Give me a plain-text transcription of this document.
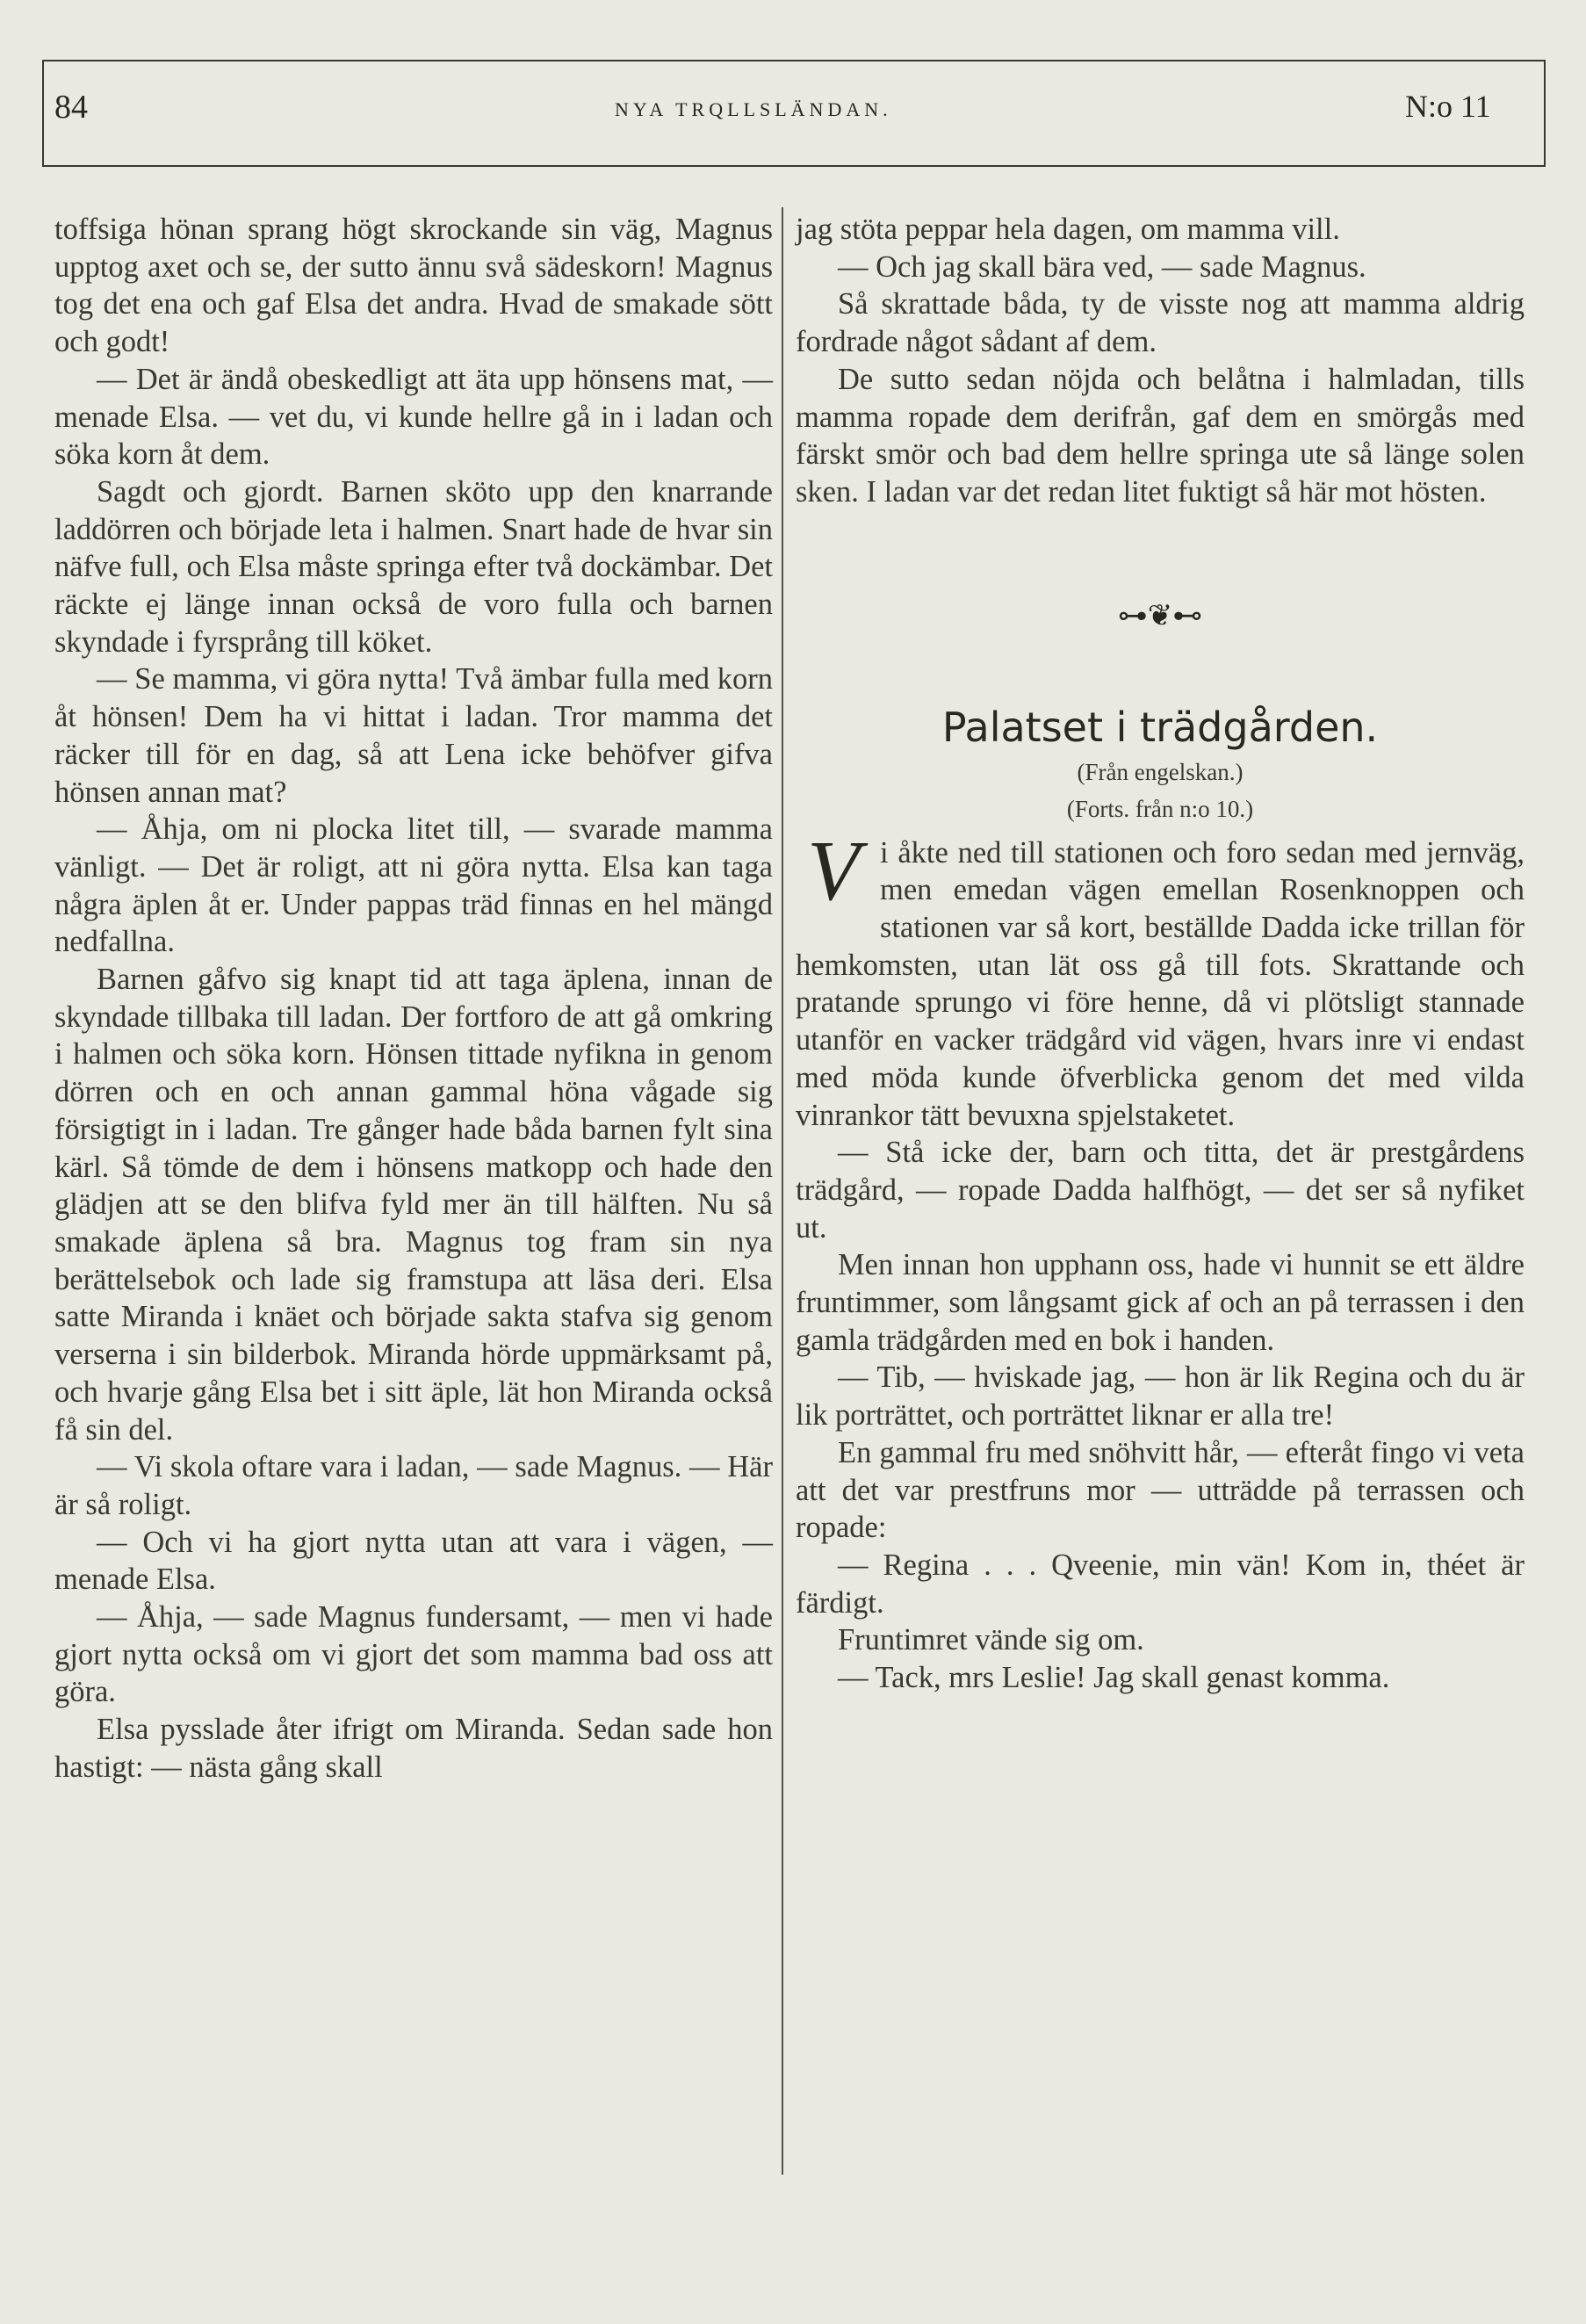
84	NYA TRQLLSLÄNDAN.	N:o 11

toffsiga hönan sprang högt skrockande sin väg, Magnus upptog axet och se, der sutto ännu svå sädeskorn! Magnus tog det ena och gaf Elsa det andra. Hvad de smakade sött och godt!

— Det är ändå obeskedligt att äta upp hönsens mat, — menade Elsa. — vet du, vi kunde hellre gå in i ladan och söka korn åt dem.

Sagdt och gjordt. Barnen sköto upp den knarrande laddörren och började leta i halmen. Snart hade de hvar sin näfve full, och Elsa måste springa efter två dockämbar. Det räckte ej länge innan också de voro fulla och barnen skyndade i fyrsprång till köket.

— Se mamma, vi göra nytta! Två ämbar fulla med korn åt hönsen! Dem ha vi hittat i ladan. Tror mamma det räcker till för en dag, så att Lena icke behöfver gifva hönsen annan mat?

— Åhja, om ni plocka litet till, — svarade mamma vänligt. — Det är roligt, att ni göra nytta. Elsa kan taga några äplen åt er. Under pappas träd finnas en hel mängd nedfallna.

Barnen gåfvo sig knapt tid att taga äplena, innan de skyndade tillbaka till ladan. Der fortforo de att gå omkring i halmen och söka korn. Hönsen tittade nyfikna in genom dörren och en och annan gammal höna vågade sig försigtigt in i ladan. Tre gånger hade båda barnen fylt sina kärl. Så tömde de dem i hönsens matkopp och hade den glädjen att se den blifva fyld mer än till hälften. Nu så smakade äplena så bra. Magnus tog fram sin nya berättelsebok och lade sig framstupa att läsa deri. Elsa satte Miranda i knäet och började sakta stafva sig genom verserna i sin bilderbok. Miranda hörde uppmärksamt på, och hvarje gång Elsa bet i sitt äple, lät hon Miranda också få sin del.

— Vi skola oftare vara i ladan, — sade Magnus. — Här är så roligt.

— Och vi ha gjort nytta utan att vara i vägen, — menade Elsa.

— Åhja, — sade Magnus fundersamt, — men vi hade gjort nytta också om vi gjort det som mamma bad oss att göra.

Elsa pysslade åter ifrigt om Miranda. Sedan sade hon hastigt: — nästa gång skall

jag stöta peppar hela dagen, om mamma vill.

— Och jag skall bära ved, — sade Magnus.

Så skrattade båda, ty de visste nog att mamma aldrig fordrade något sådant af dem.

De sutto sedan nöjda och belåtna i halmladan, tills mamma ropade dem derifrån, gaf dem en smörgås med färskt smör och bad dem hellre springa ute så länge solen sken. I ladan var det redan litet fuktigt så här mot hösten.

⊶❦⊷
Palatset i trädgården.
(Från engelskan.)
(Forts. från n:o 10.)

Vi åkte ned till stationen och foro sedan med jernväg, men emedan vägen emellan Rosenknoppen och stationen var så kort, beställde Dadda icke trillan för hemkomsten, utan lät oss gå till fots. Skrattande och pratande sprungo vi före henne, då vi plötsligt stannade utanför en vacker trädgård vid vägen, hvars inre vi endast med möda kunde öfverblicka genom det med vilda vinrankor tätt bevuxna spjelstaketet.

— Stå icke der, barn och titta, det är prestgårdens trädgård, — ropade Dadda halfhögt, — det ser så nyfiket ut.

Men innan hon upphann oss, hade vi hunnit se ett äldre fruntimmer, som långsamt gick af och an på terrassen i den gamla trädgården med en bok i handen.

— Tib, — hviskade jag, — hon är lik Regina och du är lik porträttet, och porträttet liknar er alla tre!

En gammal fru med snöhvitt hår, — efteråt fingo vi veta att det var prestfruns mor — utträdde på terrassen och ropade:

— Regina . . . Qveenie, min vän! Kom in, théet är färdigt.

Fruntimret vände sig om.

— Tack, mrs Leslie! Jag skall genast komma.
